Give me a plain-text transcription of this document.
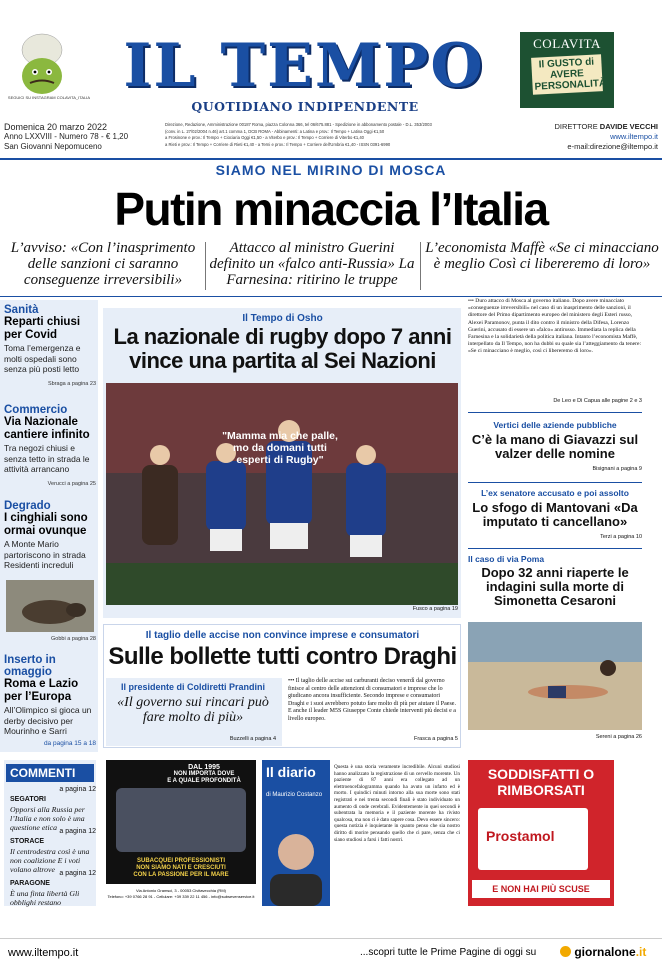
SEGUICI SU INSTAGRAM COLAVITA_ITALIA IL TEMPO
QUOTIDIANO INDIPENDENTE
COLAVITA
Il GUSTO di AVERE PERSONALITÀ
Domenica 20 marzo 2022
Anno LXXVIII - Numero 78 - € 1,20
San Giovanni Nepomuceno
Direzione, Redazione, Amministrazione 00187 Roma, piazza Colonna 366, tel 06/675.881 - Spedizione in abbonamento postale - D.L. 353/2003
(conv. in L. 27/02/2004 n.46) art.1 comma 1, DCB ROMA - Abbinamenti: a Latina e prov.: Il Tempo + Latina Oggi €1,50
a Frosinone e prov.: Il Tempo + Ciociaria Oggi €1,50 - a Viterbo e prov.: Il Tempo + Corriere di Viterbo €1,40
a Rieti e prov.: Il Tempo + Corriere di Rieti €1,40 - a Terni e prov.: Il Tempo + Corriere dell'Umbria €1,40 - ISSN 0391-6990
DIRETTORE DAVIDE VECCHI
www.iltempo.it
e-mail:direzione@iltempo.it
SIAMO NEL MIRINO DI MOSCA
Putin minaccia l’Italia
L’avviso: «Con l’inasprimento delle sanzioni ci saranno conseguenze irreversibili»
Attacco al ministro Guerini definito un «falco anti-Russia» La Farnesina: ritirino le truppe
L’economista Maffè «Se ci minacciano è meglio Così ci libereremo di loro»
Sanità
Reparti chiusi per Covid
Toma l’emergenza e molti ospedali sono senza più posti letto
Sbraga a pagina 23
Commercio
Via Nazionale cantiere infinito
Tra negozi chiusi e senza tetto in strada le attività arrancano
Verucci a pagina 25
Degrado
I cinghiali sono ormai ovunque
A Monte Mario partoriscono in strada Residenti increduli
Gobbi a pagina 28
Inserto in omaggio
Roma e Lazio per l’Europa
All’Olimpico si gioca un derby decisivo per Mourinho e Sarri
da pagina 15 a 18
Il Tempo di Osho
La nazionale di rugby dopo 7 anni vince una partita al Sei Nazioni
"Mamma mia che palle, mo da domani tutti esperti di Rugby"
Fusco a pagina 19
Il taglio delle accise non convince imprese e consumatori
Sulle bollette tutti contro Draghi
Il presidente di Coldiretti Prandini
«Il governo sui rincari può fare molto di più»
Buzzelli a pagina 4
••• Il taglio delle accise sui carburanti deciso venerdì dal governo finisce al centro delle attenzioni di consumatori e imprese che lo giudicano ancora insufficiente. Secondo imprese e consumatori Draghi e i suoi avrebbero potuto fare molto di più per aiutare il Paese. E anche il leader M5S Giuseppe Conte chiede interventi più decisi e a livello europeo.
Frasca a pagina 5
••• Duro attacco di Mosca al governo italiano. Dopo avere minacciato «conseguenze irreversibili» nel caso di un inasprimento delle sanzioni, il direttore del Primo dipartimento europeo del ministero degli Esteri russo, Alexei Paramonov, punta il dito contro il ministro della Difesa, Lorenzo Guerini, accusato di essere un «falco» antirusso. Immediata la replica della Farnesina e la solidarietà della politica italiana. Intanto l’economista Maffè, interpellato da Il Tempo, non ha dubbi su quale sia l’atteggiamento da tenere: «Se ci minacciano è meglio, così ci libereremo di loro».
De Leo e Di Capua alle pagine 2 e 3
Vertici delle aziende pubbliche
C’è la mano di Giavazzi sul valzer delle nomine
Bisignani a pagina 9
L’ex senatore accusato e poi assolto
Lo sfogo di Mantovani «Da imputato ti cancellano»
Terzi a pagina 10
Il caso di via Poma
Dopo 32 anni riaperte le indagini sulla morte di Simonetta Cesaroni
Sereni a pagina 26
COMMENTI
SEGATORI
a pagina 12
Opporsi alla Russia per l’Italia e non solo è una questione etica
STORACE
a pagina 12
Il centrodestra così è una non coalizione E i voti volano altrove
PARAGONE
a pagina 12
È una finta libertà Gli obblighi restano
DAL 1995
NON IMPORTA DOVE
E A QUALE PROFONDITÀ
SUBACQUEI PROFESSIONISTI
NON SIAMO NATI E CRESCIUTI
CON LA PASSIONE PER IL MARE
Via Antonio Gramsci, 3 - 00053 Civitavecchia (RM)
Telefono: +39 0766 28 91 - Cellulare: +39 339 22 11 456 - info@subsevenservice.it
Il diario
di Maurizio Costanzo
Questa è una storia veramente incredibile. Alcuni studiosi hanno analizzato la registrazione di un cervello morente. Un paziente di 87 anni era collegato ad un elettroencefalogramma quando ha avuto un infarto ed è morto. I quindici minuti intorno alla sua morte sono stati registrati e nei trenta secondi finali è stato individuato un aumento di onde cerebrali. Evidentemente in quei secondi è subentrata la memoria e il paziente morente ha rivisto qualcosa, ma non ci è dato sapere cosa. Devo essere sincero: questa notizia è inquietante in quanto penso che sia nostro diritto di morire pensando quello che ci pare, senza che ci siano studiosi a farsi i fatti nostri.
SODDISFATTI O
RIMBORSATI
Prostamol
E NON HAI PIÙ SCUSE
www.iltempo.it	...scopri tutte le Prime Pagine di oggi su	giornalone.it
